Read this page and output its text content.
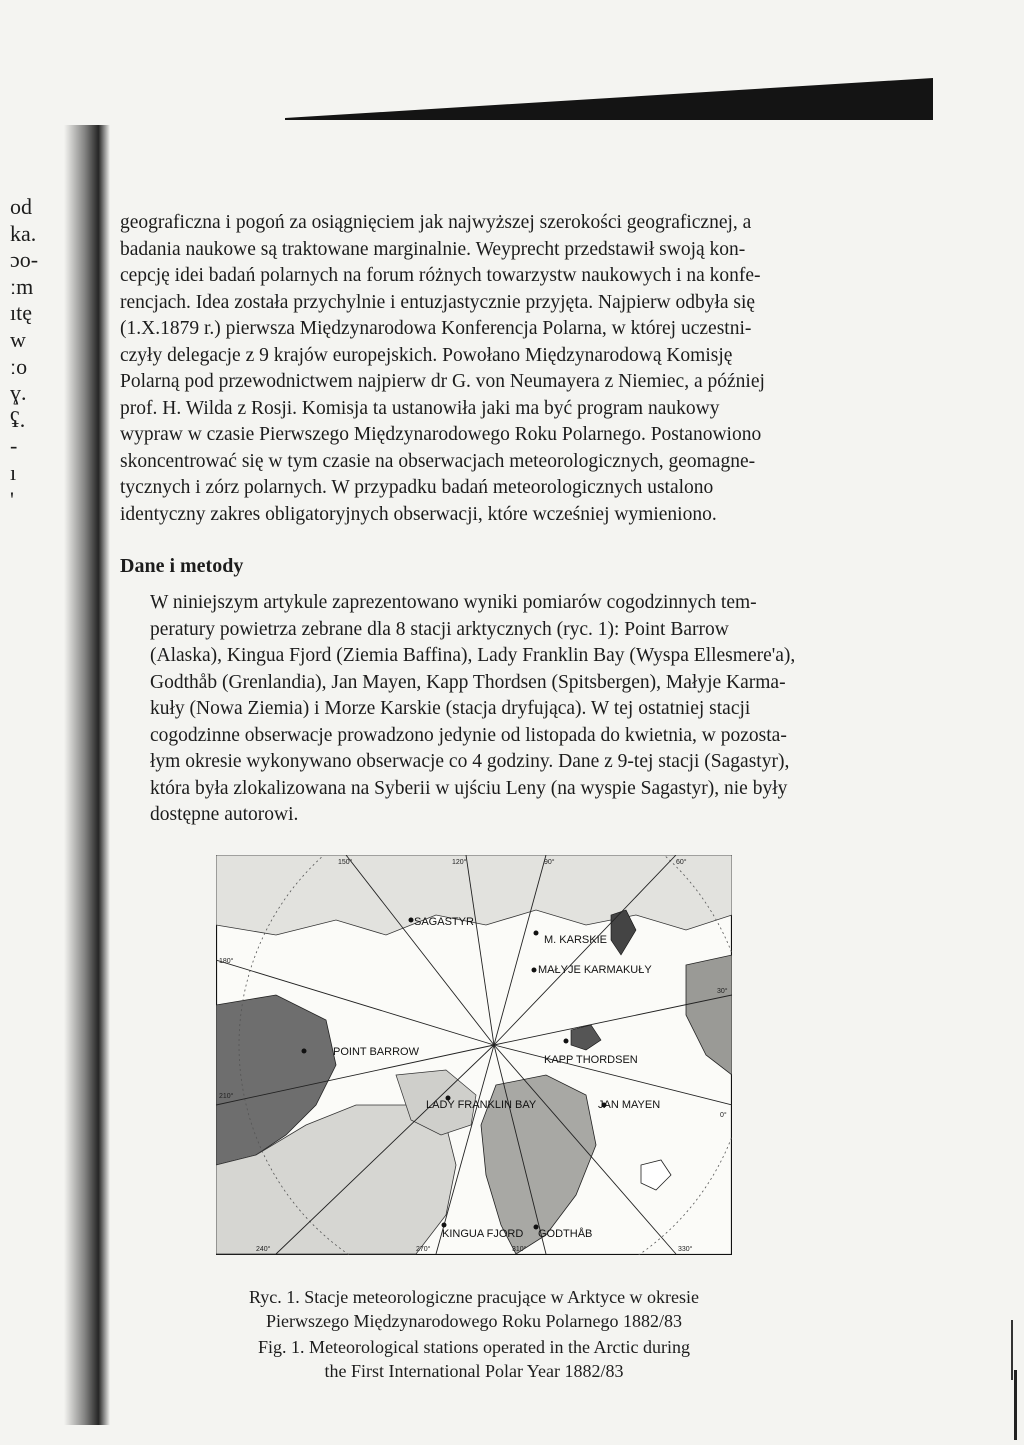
od
ka.
ɔo-
ːm
ıtę
w
ːo
ɣ.
ʢ.
-
ı
'
geograficzna i pogoń za osiągnięciem jak najwyższej szerokości geograficznej, a
badania naukowe są traktowane marginalnie. Weyprecht przedstawił swoją kon-
cepcję idei badań polarnych na forum różnych towarzystw naukowych i na konfe-
rencjach. Idea została przychylnie i entuzjastycznie przyjęta. Najpierw odbyła się
(1.X.1879 r.) pierwsza Międzynarodowa Konferencja Polarna, w której uczestni-
czyły delegacje z 9 krajów europejskich. Powołano Międzynarodową Komisję
Polarną pod przewodnictwem najpierw dr G. von Neumayera z Niemiec, a później
prof. H. Wilda z Rosji. Komisja ta ustanowiła jaki ma być program naukowy
wypraw w czasie Pierwszego Międzynarodowego Roku Polarnego. Postanowiono
skoncentrować się w tym czasie na obserwacjach meteorologicznych, geomagne-
tycznych i zórz polarnych. W przypadku badań meteorologicznych ustalono
identyczny zakres obligatoryjnych obserwacji, które wcześniej wymieniono.
Dane i metody
W niniejszym artykule zaprezentowano wyniki pomiarów cogodzinnych tem-
peratury powietrza zebrane dla 8 stacji arktycznych (ryc. 1): Point Barrow
(Alaska), Kingua Fjord (Ziemia Baffina), Lady Franklin Bay (Wyspa Ellesmere'a),
Godthåb (Grenlandia), Jan Mayen, Kapp Thordsen (Spitsbergen), Małyje Karma-
kuły (Nowa Ziemia) i Morze Karskie (stacja dryfująca). W tej ostatniej stacji
cogodzinne obserwacje prowadzono jedynie od listopada do kwietnia, w pozosta-
łym okresie wykonywano obserwacje co 4 godziny. Dane z 9-tej stacji (Sagastyr),
która była zlokalizowana na Syberii w ujściu Leny (na wyspie Sagastyr), nie były
dostępne autorowi.
SAGASTYR
M. KARSKIE
MAŁYJE KARMAKUŁY
POINT BARROW
KAPP THORDSEN
LADY FRANKLIN BAY	JAN MAYEN
KINGUA FJORD GODTHÅB
150°	120°	90°	60°
180°
30°
210°
0°
240°	270°	310°	330°
Ryc. 1. Stacje meteorologiczne pracujące w Arktyce w okresie
Pierwszego Międzynarodowego Roku Polarnego 1882/83
Fig. 1. Meteorological stations operated in the Arctic during
the First International Polar Year 1882/83
